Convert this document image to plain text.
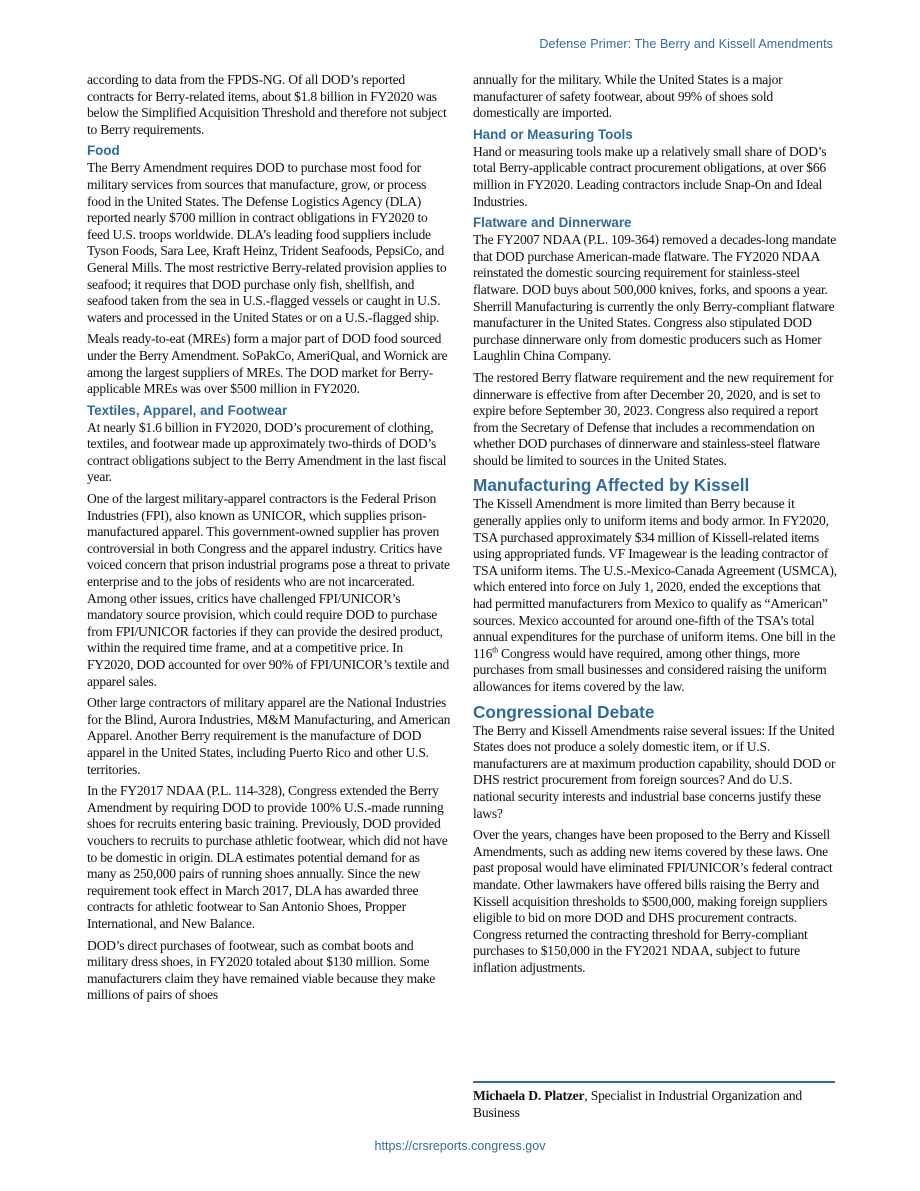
Defense Primer: The Berry and Kissell Amendments

according to data from the FPDS-NG. Of all DOD’s reported contracts for Berry-related items, about $1.8 billion in FY2020 was below the Simplified Acquisition Threshold and therefore not subject to Berry requirements.

Food

The Berry Amendment requires DOD to purchase most food for military services from sources that manufacture, grow, or process food in the United States. The Defense Logistics Agency (DLA) reported nearly $700 million in contract obligations in FY2020 to feed U.S. troops worldwide. DLA’s leading food suppliers include Tyson Foods, Sara Lee, Kraft Heinz, Trident Seafoods, PepsiCo, and General Mills. The most restrictive Berry-related provision applies to seafood; it requires that DOD purchase only fish, shellfish, and seafood taken from the sea in U.S.-flagged vessels or caught in U.S. waters and processed in the United States or on a U.S.-flagged ship.

Meals ready-to-eat (MREs) form a major part of DOD food sourced under the Berry Amendment. SoPakCo, AmeriQual, and Wornick are among the largest suppliers of MREs. The DOD market for Berry-applicable MREs was over $500 million in FY2020.

Textiles, Apparel, and Footwear

At nearly $1.6 billion in FY2020, DOD’s procurement of clothing, textiles, and footwear made up approximately two-thirds of DOD’s contract obligations subject to the Berry Amendment in the last fiscal year.

One of the largest military-apparel contractors is the Federal Prison Industries (FPI), also known as UNICOR, which supplies prison-manufactured apparel. This government-owned supplier has proven controversial in both Congress and the apparel industry. Critics have voiced concern that prison industrial programs pose a threat to private enterprise and to the jobs of residents who are not incarcerated. Among other issues, critics have challenged FPI/UNICOR’s mandatory source provision, which could require DOD to purchase from FPI/UNICOR factories if they can provide the desired product, within the required time frame, and at a competitive price. In FY2020, DOD accounted for over 90% of FPI/UNICOR’s textile and apparel sales.

Other large contractors of military apparel are the National Industries for the Blind, Aurora Industries, M&M Manufacturing, and American Apparel. Another Berry requirement is the manufacture of DOD apparel in the United States, including Puerto Rico and other U.S. territories.

In the FY2017 NDAA (P.L. 114-328), Congress extended the Berry Amendment by requiring DOD to provide 100% U.S.-made running shoes for recruits entering basic training. Previously, DOD provided vouchers to recruits to purchase athletic footwear, which did not have to be domestic in origin. DLA estimates potential demand for as many as 250,000 pairs of running shoes annually. Since the new requirement took effect in March 2017, DLA has awarded three contracts for athletic footwear to San Antonio Shoes, Propper International, and New Balance.

DOD’s direct purchases of footwear, such as combat boots and military dress shoes, in FY2020 totaled about $130 million. Some manufacturers claim they have remained viable because they make millions of pairs of shoes

annually for the military. While the United States is a major manufacturer of safety footwear, about 99% of shoes sold domestically are imported.

Hand or Measuring Tools

Hand or measuring tools make up a relatively small share of DOD’s total Berry-applicable contract procurement obligations, at over $66 million in FY2020. Leading contractors include Snap-On and Ideal Industries.

Flatware and Dinnerware

The FY2007 NDAA (P.L. 109-364) removed a decades-long mandate that DOD purchase American-made flatware. The FY2020 NDAA reinstated the domestic sourcing requirement for stainless-steel flatware. DOD buys about 500,000 knives, forks, and spoons a year. Sherrill Manufacturing is currently the only Berry-compliant flatware manufacturer in the United States. Congress also stipulated DOD purchase dinnerware only from domestic producers such as Homer Laughlin China Company.

The restored Berry flatware requirement and the new requirement for dinnerware is effective from after December 20, 2020, and is set to expire before September 30, 2023. Congress also required a report from the Secretary of Defense that includes a recommendation on whether DOD purchases of dinnerware and stainless-steel flatware should be limited to sources in the United States.

Manufacturing Affected by Kissell

The Kissell Amendment is more limited than Berry because it generally applies only to uniform items and body armor. In FY2020, TSA purchased approximately $34 million of Kissell-related items using appropriated funds. VF Imagewear is the leading contractor of TSA uniform items. The U.S.-Mexico-Canada Agreement (USMCA), which entered into force on July 1, 2020, ended the exceptions that had permitted manufacturers from Mexico to qualify as “American” sources. Mexico accounted for around one-fifth of the TSA’s total annual expenditures for the purchase of uniform items. One bill in the 116th Congress would have required, among other things, more purchases from small businesses and considered raising the uniform allowances for items covered by the law.

Congressional Debate

The Berry and Kissell Amendments raise several issues: If the United States does not produce a solely domestic item, or if U.S. manufacturers are at maximum production capability, should DOD or DHS restrict procurement from foreign sources? And do U.S. national security interests and industrial base concerns justify these laws?

Over the years, changes have been proposed to the Berry and Kissell Amendments, such as adding new items covered by these laws. One past proposal would have eliminated FPI/UNICOR’s federal contract mandate. Other lawmakers have offered bills raising the Berry and Kissell acquisition thresholds to $500,000, making foreign suppliers eligible to bid on more DOD and DHS procurement contracts. Congress returned the contracting threshold for Berry-compliant purchases to $150,000 in the FY2021 NDAA, subject to future inflation adjustments.

Michaela D. Platzer, Specialist in Industrial Organization and Business
https://crsreports.congress.gov
